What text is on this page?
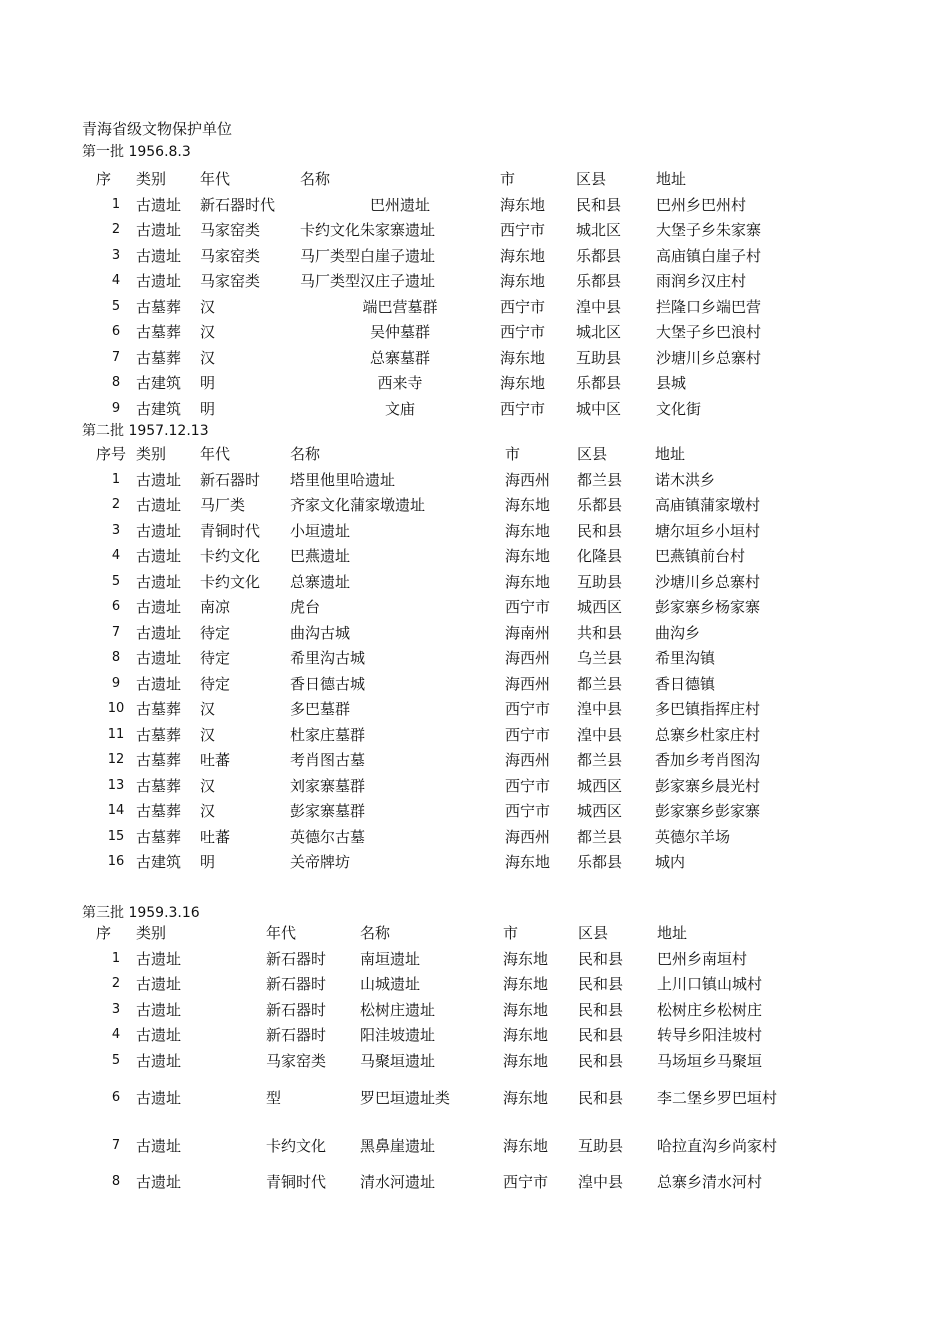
青海省级文物保护单位
第一批 1956.8.3
序	类别	年代	名称	市	区县	地址
1	古遗址	新石器时代	巴州遗址	海东地	民和县	巴州乡巴州村
2	古遗址	马家窑类	卡约文化朱家寨遗址	西宁市	城北区	大堡子乡朱家寨
3	古遗址	马家窑类	马厂类型白崖子遗址	海东地	乐都县	高庙镇白崖子村
4	古遗址	马家窑类	马厂类型汉庄子遗址	海东地	乐都县	雨润乡汉庄村
5	古墓葬	汉	端巴营墓群	西宁市	湟中县	拦隆口乡端巴营
6	古墓葬	汉	吴仲墓群	西宁市	城北区	大堡子乡巴浪村
7	古墓葬	汉	总寨墓群	海东地	互助县	沙塘川乡总寨村
8	古建筑	明	西来寺	海东地	乐都县	县城
9	古建筑	明	文庙	西宁市	城中区	文化街
第二批 1957.12.13
序号	类别	年代	名称	市	区县	地址
1	古遗址	新石器时	塔里他里哈遗址	海西州	都兰县	诺木洪乡
2	古遗址	马厂类	齐家文化蒲家墩遗址	海东地	乐都县	高庙镇蒲家墩村
3	古遗址	青铜时代	小垣遗址	海东地	民和县	塘尔垣乡小垣村
4	古遗址	卡约文化	巴燕遗址	海东地	化隆县	巴燕镇前台村
5	古遗址	卡约文化	总寨遗址	海东地	互助县	沙塘川乡总寨村
6	古遗址	南凉	虎台	西宁市	城西区	彭家寨乡杨家寨
7	古遗址	待定	曲沟古城	海南州	共和县	曲沟乡
8	古遗址	待定	希里沟古城	海西州	乌兰县	希里沟镇
9	古遗址	待定	香日德古城	海西州	都兰县	香日德镇
10	古墓葬	汉	多巴墓群	西宁市	湟中县	多巴镇指挥庄村
11	古墓葬	汉	杜家庄墓群	西宁市	湟中县	总寨乡杜家庄村
12	古墓葬	吐蕃	考肖图古墓	海西州	都兰县	香加乡考肖图沟
13	古墓葬	汉	刘家寨墓群	西宁市	城西区	彭家寨乡晨光村
14	古墓葬	汉	彭家寨墓群	西宁市	城西区	彭家寨乡彭家寨
15	古墓葬	吐蕃	英德尔古墓	海西州	都兰县	英德尔羊场
16	古建筑	明	关帝牌坊	海东地	乐都县	城内
第三批 1959.3.16
序	类别	年代	名称	市	区县	地址
1	古遗址	新石器时	南垣遗址	海东地	民和县	巴州乡南垣村
2	古遗址	新石器时	山城遗址	海东地	民和县	上川口镇山城村
3	古遗址	新石器时	松树庄遗址	海东地	民和县	松树庄乡松树庄
4	古遗址	新石器时	阳洼坡遗址	海东地	民和县	转导乡阳洼坡村
5	古遗址	马家窑类	马聚垣遗址	海东地	民和县	马场垣乡马聚垣
6	古遗址	型	罗巴垣遗址类	海东地	民和县	李二堡乡罗巴垣村
7	古遗址	卡约文化	黑鼻崖遗址	海东地	互助县	哈拉直沟乡尚家村
8	古遗址	青铜时代	清水河遗址	西宁市	湟中县	总寨乡清水河村
